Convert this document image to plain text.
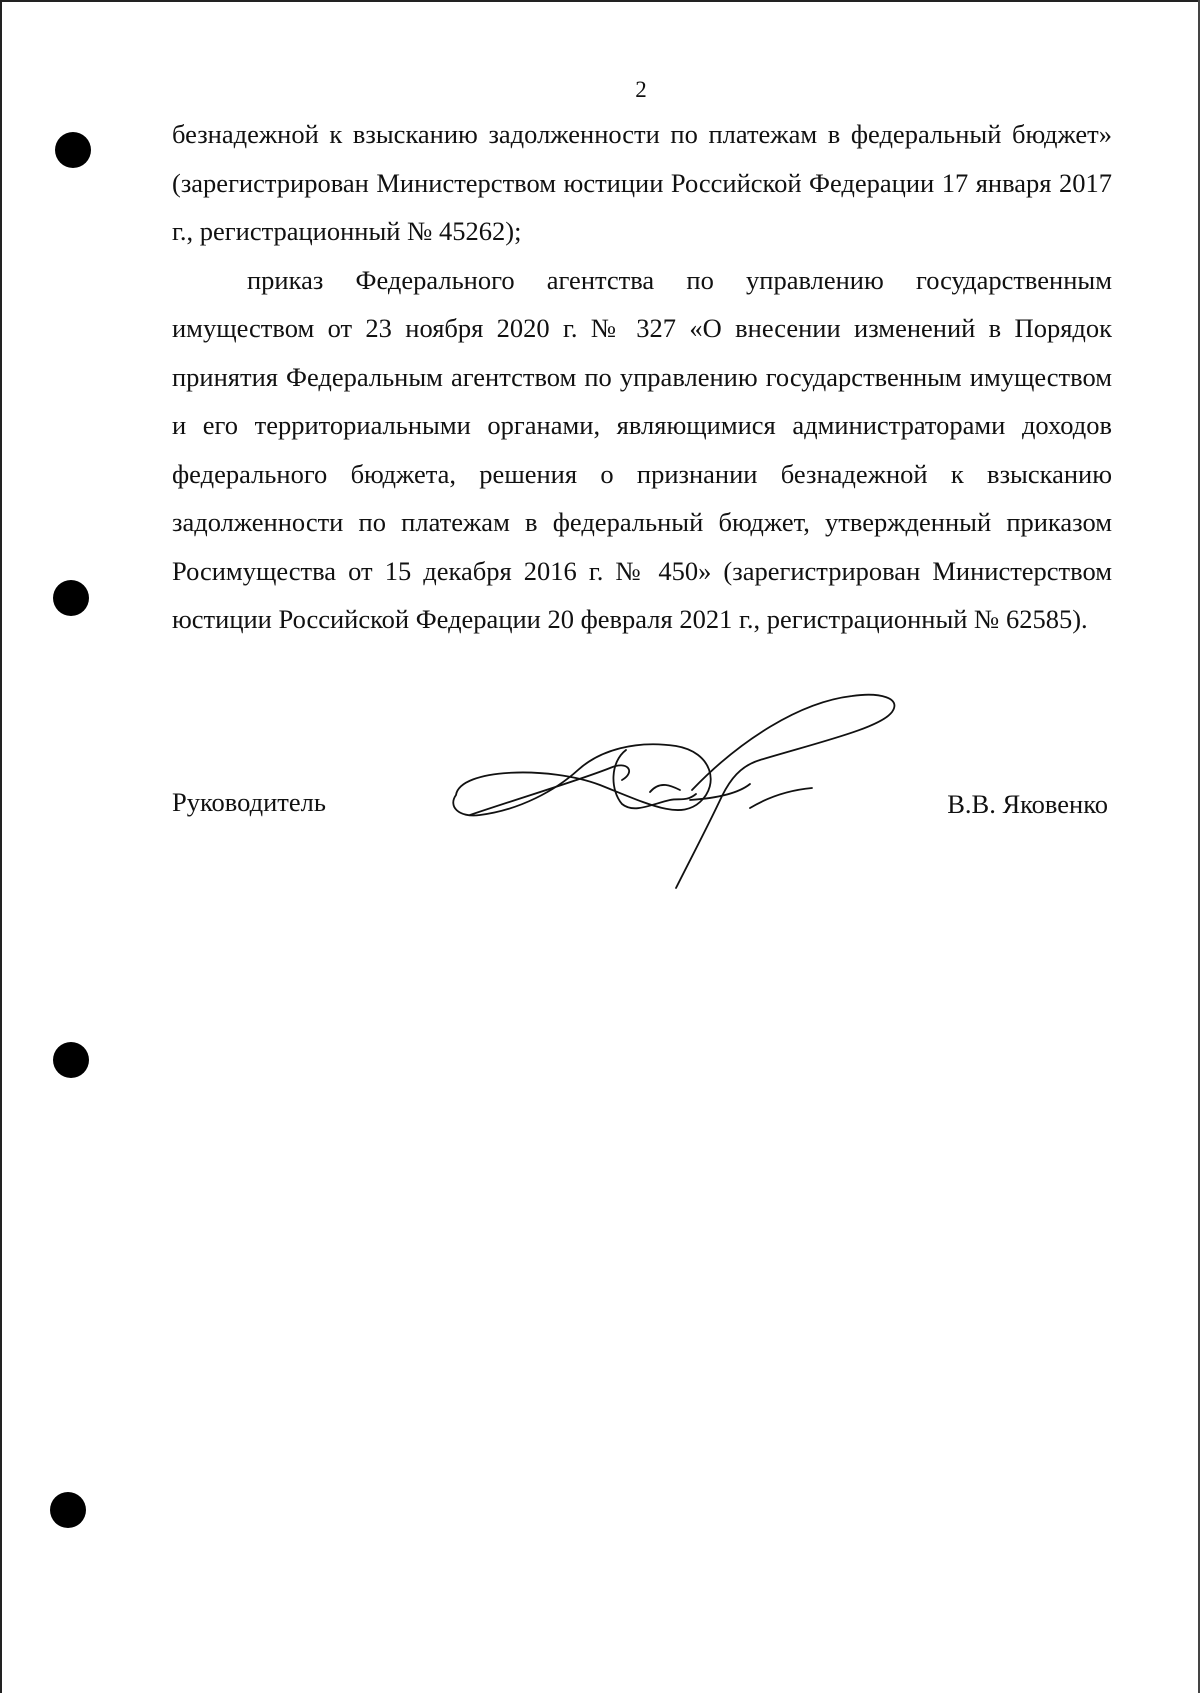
2

безнадежной к взысканию задолженности по платежам в федеральный бюджет» (зарегистрирован Министерством юстиции Российской Федерации 17 января 2017 г., регистрационный № 45262);

приказ Федерального агентства по управлению государственным имуществом от 23 ноября 2020 г. № 327 «О внесении изменений в Порядок принятия Федеральным агентством по управлению государственным имуществом и его территориальными органами, являющимися администраторами доходов федерального бюджета, решения о признании безнадежной к взысканию задолженности по платежам в федеральный бюджет, утвержденный приказом Росимущества от 15 декабря 2016 г. № 450» (зарегистрирован Министерством юстиции Российской Федерации 20 февраля 2021 г., регистрационный № 62585).

Руководитель	В.В. Яковенко
